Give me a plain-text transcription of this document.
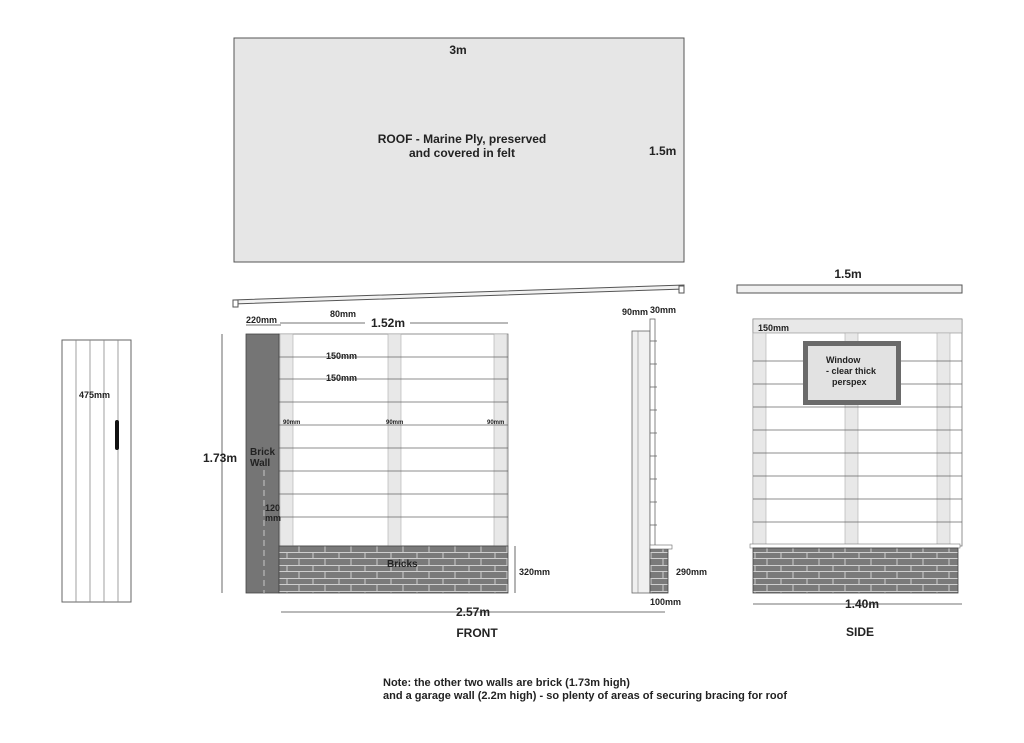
3m
ROOF - Marine Ply, preserved
and covered in felt	1.5m
475mm
220mm
80mm
1.52m
150mm
150mm
90mm	90mm	90mm
Brick
Wall
120
mm
Bricks
1.73m
320mm
2.57m
FRONT
90mm 30mm
290mm
100mm
1.5m
150mm
Window
- clear thick
perspex
1.40m
SIDE
Note: the other two walls are brick (1.73m high)
and a garage wall (2.2m high) - so plenty of areas of securing bracing for roof
